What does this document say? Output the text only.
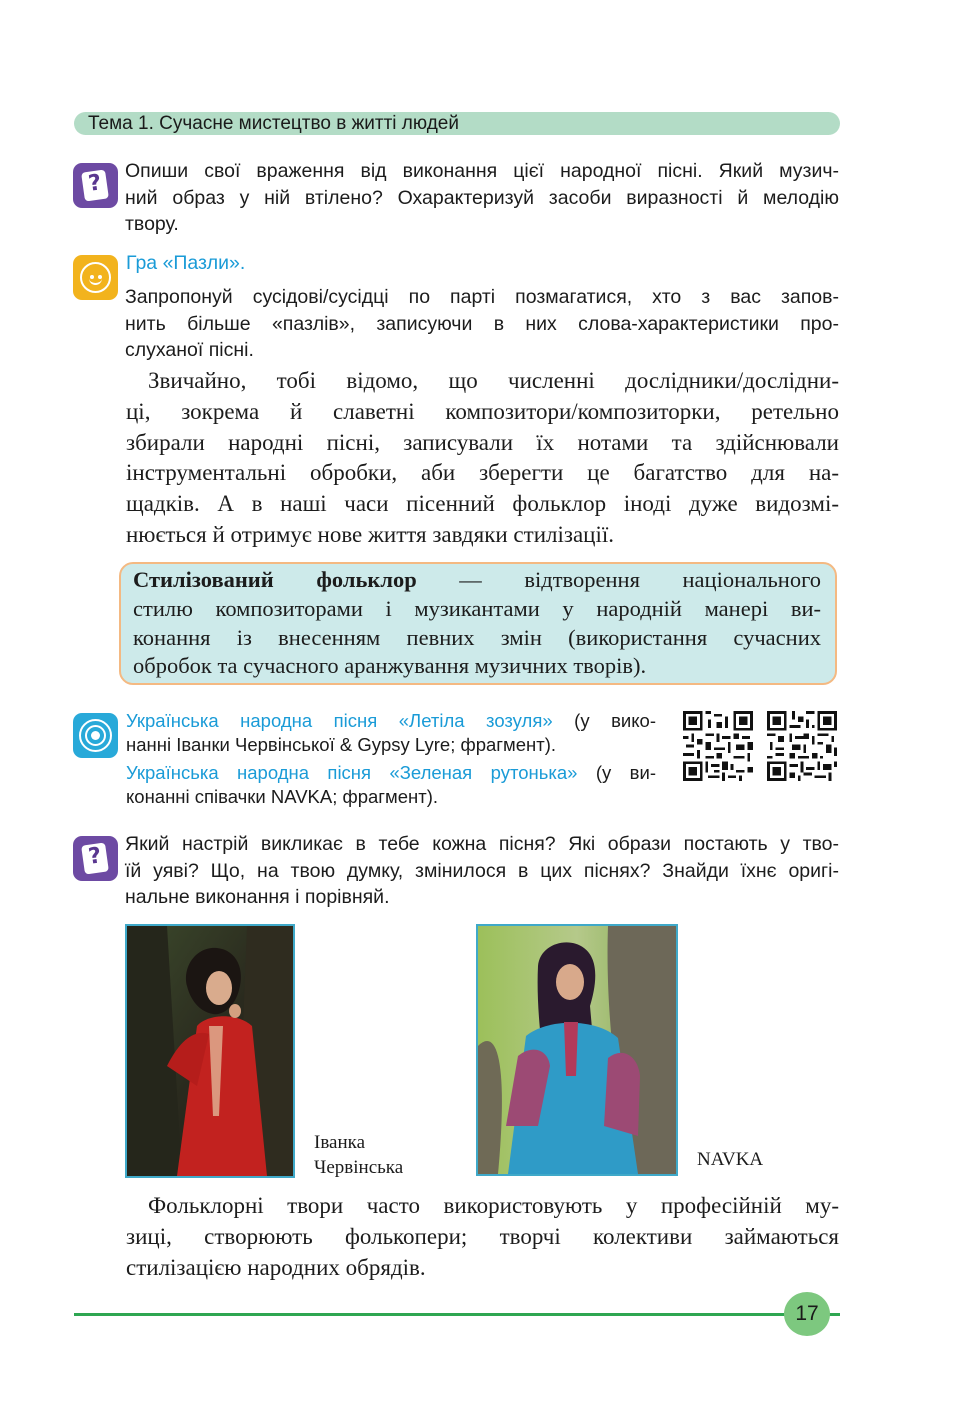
Тема 1. Сучасне мистецтво в житті людей
?	Опиши свої враження від виконання цієї народної пісні. Який музич-
ний образ у ній втілено? Охарактеризуй засоби виразності й мелодію
твору.
Гра «Пазли».
Запропонуй сусідові/сусідці по парті позмагатися, хто з вас запов-
нить більше «пазлів», записуючи в них слова-характеристики про-
слуханої пісні.
Звичайно, тобі відомо, що численні дослідники/дослідни-
ці, зокрема й славетні композитори/композиторки, ретельно
збирали народні пісні, записували їх нотами та здійснювали
інструментальні обробки, аби зберегти це багатство для на-
щадків. А в наші часи пісенний фольклор іноді дуже видозмі-
нюється й отримує нове життя завдяки стилізації.
Стилізований фольклор — відтворення національного
стилю композиторами і музикантами у народній манері ви-
конання із внесенням певних змін (використання сучасних
обробок та сучасного аранжування музичних творів).
Українська народна пісня «Летіла зозуля» (у вико-
нанні Іванки Червінської & Gypsy Lyre; фрагмент).
Українська народна пісня «Зеленая рутонька» (у ви-
конанні співачки NAVKA; фрагмент).
?	Який настрій викликає в тебе кожна пісня? Які образи постають у тво-
їй уяві? Що, на твою думку, змінилося в цих піснях? Знайди їхнє оригі-
нальне виконання і порівняй.
Іванка
Червінська	NAVKA
Фольклорні твори часто використовують у професійній му-
зиці, створюють фолькопери; творчі колективи займаються
стилізацією народних обрядів.
17
